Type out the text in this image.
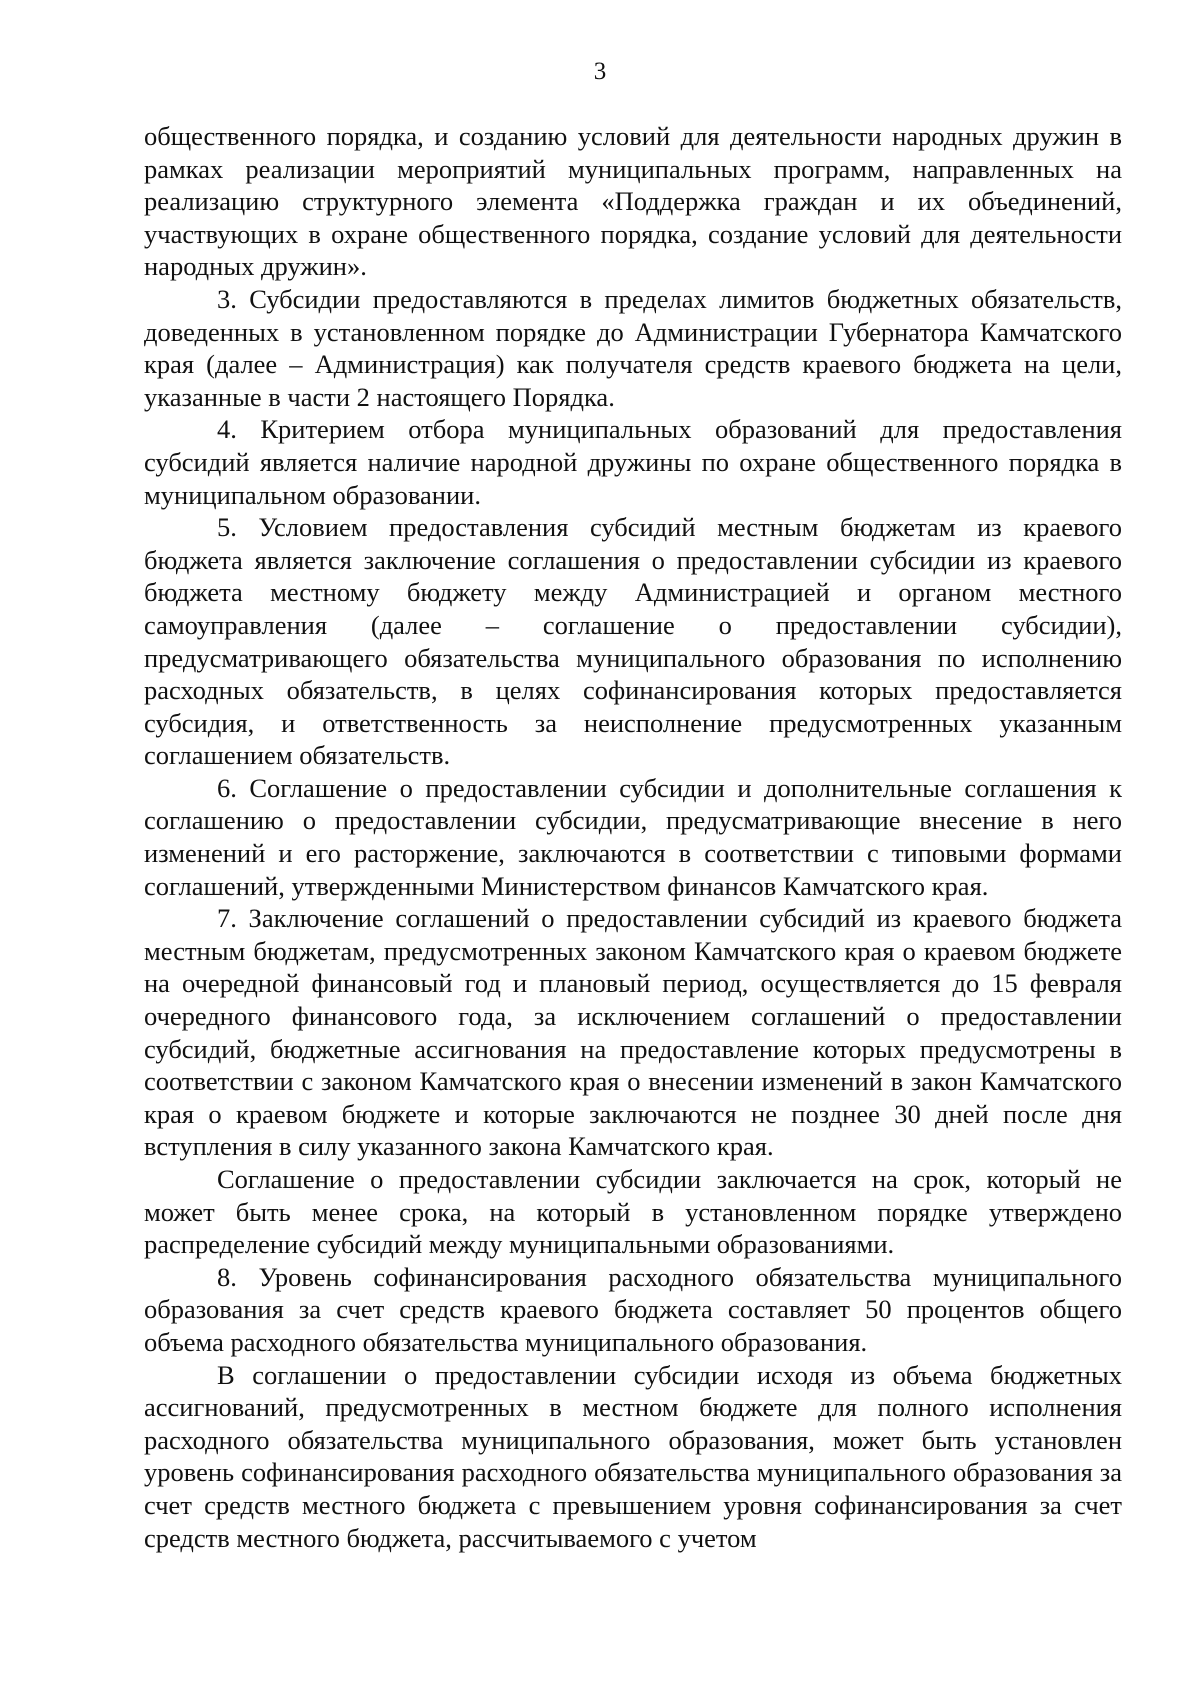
3

общественного порядка, и созданию условий для деятельности народных дружин в рамках реализации мероприятий муниципальных программ, направленных на реализацию структурного элемента «Поддержка граждан и их объединений, участвующих в охране общественного порядка, создание условий для деятельности народных дружин».

3. Субсидии предоставляются в пределах лимитов бюджетных обязательств, доведенных в установленном порядке до Администрации Губернатора Камчатского края (далее – Администрация) как получателя средств краевого бюджета на цели, указанные в части 2 настоящего Порядка.

4. Критерием отбора муниципальных образований для предоставления субсидий является наличие народной дружины по охране общественного порядка в муниципальном образовании.

5. Условием предоставления субсидий местным бюджетам из краевого бюджета является заключение соглашения о предоставлении субсидии из краевого бюджета местному бюджету между Администрацией и органом местного самоуправления (далее – соглашение о предоставлении субсидии), предусматривающего обязательства муниципального образования по исполнению расходных обязательств, в целях софинансирования которых предоставляется субсидия, и ответственность за неисполнение предусмотренных указанным соглашением обязательств.

6. Соглашение о предоставлении субсидии и дополнительные соглашения к соглашению о предоставлении субсидии, предусматривающие внесение в него изменений и его расторжение, заключаются в соответствии с типовыми формами соглашений, утвержденными Министерством финансов Камчатского края.

7. Заключение соглашений о предоставлении субсидий из краевого бюджета местным бюджетам, предусмотренных законом Камчатского края о краевом бюджете на очередной финансовый год и плановый период, осуществляется до 15 февраля очередного финансового года, за исключением соглашений о предоставлении субсидий, бюджетные ассигнования на предоставление которых предусмотрены в соответствии с законом Камчатского края о внесении изменений в закон Камчатского края о краевом бюджете и которые заключаются не позднее 30 дней после дня вступления в силу указанного закона Камчатского края.

Соглашение о предоставлении субсидии заключается на срок, который не может быть менее срока, на который в установленном порядке утверждено распределение субсидий между муниципальными образованиями.

8. Уровень софинансирования расходного обязательства муниципального образования за счет средств краевого бюджета составляет 50 процентов общего объема расходного обязательства муниципального образования.

В соглашении о предоставлении субсидии исходя из объема бюджетных ассигнований, предусмотренных в местном бюджете для полного исполнения расходного обязательства муниципального образования, может быть установлен уровень софинансирования расходного обязательства муниципального образования за счет средств местного бюджета с превышением уровня софинансирования за счет средств местного бюджета, рассчитываемого с учетом
